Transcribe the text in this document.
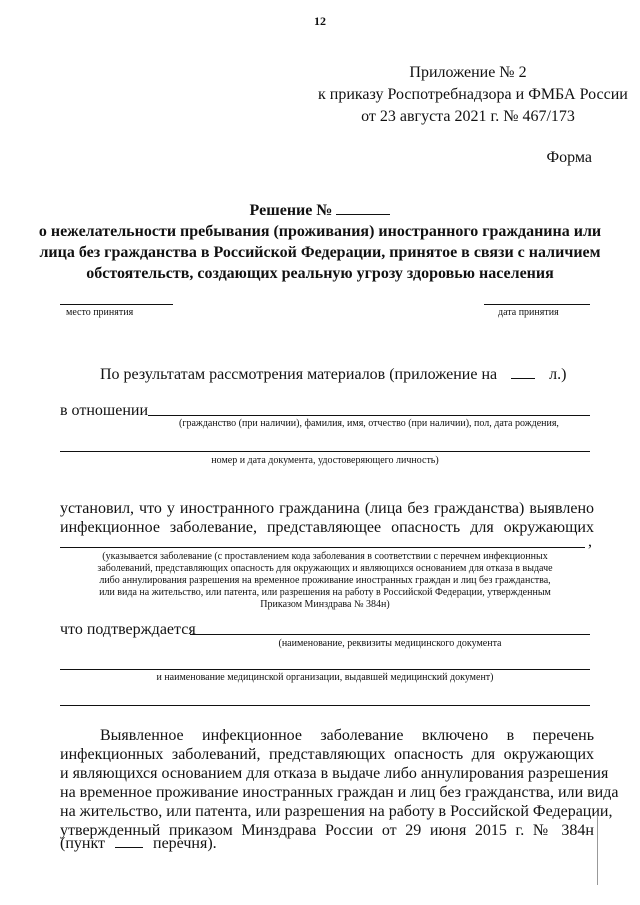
12
Приложение № 2
к приказу Роспотребнадзора и ФМБА России
от 23 августа 2021 г. № 467/173
Форма
Решение №
о нежелательности пребывания (проживания) иностранного гражданина или
лица без гражданства в Российской Федерации, принятое в связи с наличием
обстоятельств, создающих реальную угрозу здоровью населения
место принятия	дата принятия
По результатам рассмотрения материалов (приложение на	л.)
в отношении
(гражданство (при наличии), фамилия, имя, отчество (при наличии), пол, дата рождения,
номер и дата документа, удостоверяющего личность)
установил, что у иностранного гражданина (лица без гражданства) выявлено
инфекционное заболевание, представляющее опасность для окружающих
,
(указывается заболевание (с проставлением кода заболевания в соответствии с перечнем инфекционных
заболеваний, представляющих опасность для окружающих и являющихся основанием для отказа в выдаче
либо аннулирования разрешения на временное проживание иностранных граждан и лиц без гражданства,
или вида на жительство, или патента, или разрешения на работу в Российской Федерации, утвержденным
Приказом Минздрава № 384н)
что подтверждается
(наименование, реквизиты медицинского документа
и наименование медицинской организации, выдавшей медицинский документ)
Выявленное инфекционное заболевание включено в перечень
инфекционных заболеваний, представляющих опасность для окружающих
и являющихся основанием для отказа в выдаче либо аннулирования разрешения
на временное проживание иностранных граждан и лиц без гражданства, или вида
на жительство, или патента, или разрешения на работу в Российской Федерации,
утвержденный приказом Минздрава России от 29 июня 2015 г. № 384н
(пункт	перечня).
